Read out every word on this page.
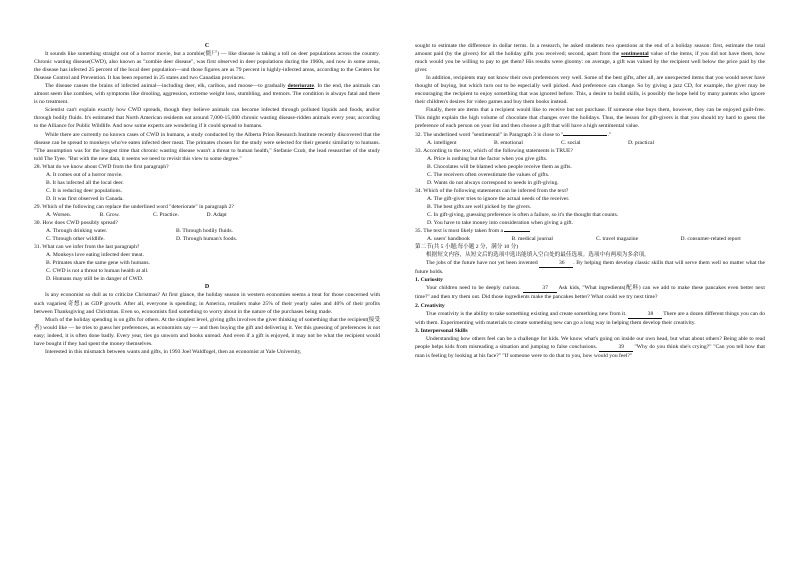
C

It sounds like something straight out of a horror movie, but a zombie(僵尸) — like disease is taking a toll on deer populations across the country. Chronic wasting disease(CWD), also known as "zombie deer disease", was first observed in deer populations during the 1960s, and now in some areas, the disease has infected 25 percent of the local deer population—and those figures are as 79 percent in highly-infected areas, according to the Centers for Disease Control and Prevention. It has been reported in 25 states and two Canadian provinces.

The disease causes the brains of infected animal—including deer, elk, caribou, and moose—to gradually deteriorate. In the end, the animals can almost seem like zombies, with symptoms like drooling, aggression, extreme weight loss, stumbling, and tremors. The condition is always fatal and there is no treatment.

Scientist can't explain exactly how CWD spreads, though they believe animals can become infected through polluted liquids and foods, and/or through bodily fluids. It's estimated that North American residents eat around 7,000-15,000 chronic wasting disease-ridden animals every year, according to the Alliance for Public Wildlife. And now some experts are wondering if it could spread to humans.

While there are currently no known cases of CWD in humans, a study conducted by the Alberta Prion Research Institute recently discovered that the disease can be spread to monkeys who've eaten infected deer meat. The primates chosen for the study were selected for their genetic similarity to humans. "The assumption was for the longest time that chronic wasting disease wasn't a threat to human health," Stefanie Czub, the lead researcher of the study told The Tyee. "But with the new data, it seems we need to revisit this view to some degree."

28. What do we know about CWD from the first paragraph?

A. It comes out of a horror movie.

B. It has infected all the local deer.

C. It is reducing deer populations.

D. It was first observed in Canada.

29. Which of the following can replace the underlined word "deteriorate" in paragraph 2?

A. Worsen.	B. Grow.	C. Practice.	D. Adapt

30. How does CWD possibly spread?

A. Through drinking water.	B. Through bodily fluids.
C. Through other wildlife.	D. Through human's foods.

31. What can we infer from the last paragraph?

A. Monkeys love eating infected deer meat.

B. Primates share the same gene with humans.

C. CWD is not a threat to human health at all.

D. Humans may still be in danger of CWD.

D

Is any economist so dull as to criticize Christmas? At first glance, the holiday season in western economies seems a treat for those concerned with such vagaries(奇想) as GDP growth. After all, everyone is spending; in America, retailers make 25% of their yearly sales and 40% of their profits between Thanksgiving and Christmas. Even so, economists find something to worry about in the nature of the purchases being made.

Much of the holiday spending is on gifts for others. At the simplest level, giving gifts involves the giver thinking of something that the recipient(接受者) would like — he tries to guess her preferences, as economists say — and then buying the gift and delivering it. Yet this guessing of preferences is not easy; indeed, it is often done badly. Every year, ties go unworn and books unread. And even if a gift is enjoyed, it may not be what the recipient would have bought if they had spent the money themselves.

Interested in this mismatch between wants and gifts, in 1993 Joel Waldfogel, then an economist at Yale University,

sought to estimate the difference in dollar terms. In a research, he asked students two questions at the end of a holiday season: first, estimate the total amount paid (by the givers) for all the holiday gifts you received; second, apart from the sentimental value of the items, if you did not have them, how much would you be willing to pay to get them? His results were gloomy: on average, a gift was valued by the recipient well below the price paid by the giver.

In addition, recipients may not know their own preferences very well. Some of the best gifts, after all, are unexpected items that you would never have thought of buying, but which turn out to be especially well picked. And preference can change. So by giving a jazz CD, for example, the giver may be encouraging the recipient to enjoy something that was ignored before. This, a desire to build skills, is possibly the hope held by many parents who ignore their children's desires for video games and buy them books instead.

Finally, there are items that a recipient would like to receive but not purchase. If someone else buys them, however, they can be enjoyed guilt-free. This might explain the high volume of chocolate that changes over the holidays. Thus, the lesson for gift-givers is that you should try hard to guess the preference of each person on your list and then choose a gift that will have a high sentimental value.

32. The underlined word "sentimental" in Paragraph 3 is close to "	."

A. intelligent	B. emotional	C. social	D. practical

33. According to the text, which of the following statements is TRUE?

A. Price is nothing but the factor when you give gifts.

B. Chocolates will be blamed when people receive them as gifts.

C. The receivers often overestimate the values of gifts.

D. Wants do not always correspond to needs in gift-giving.

34. Which of the following statements can be inferred from the text?

A. The gift-giver tries to ignore the actual needs of the receiver.

B. The best gifts are well picked by the givers.

C. In gift-giving, guessing preference is often a failure, so it's the thought that counts.

D. You have to take money into consideration when giving a gift.

35. The text is most likely taken from a

A. users' handbook	B. medical journal	C. travel magazine	D. consumer-related report

第二节(共 5 小题;每小题 2 分，满分 10 分)

根据短文内容，从短文后的选项中选出能填入空白处的最佳选项。选项中有两项为多余项。

The jobs of the future have not yet been invented	36 . By helping them develop classic skills that will serve them well no matter what the future holds.

1. Curiosity

Your children need to be deeply curious.	37 Ask kids, "What ingredients(配料) can we add to make these pancakes even better next time?" and then try them out. Did those ingredients make the pancakes better? What could we try next time?

2. Creativity

True creativity is the ability to take something existing and create something new from it.	38 There are a dozen different things you can do with them. Experimenting with materials to create something new can go a long way in helping them develop their creativity.

3. Interpersonal Skills

Understanding how others feel can be a challenge for kids. We know what's going on inside our own head, but what about others? Being able to read people helps kids from misreading a situation and jumping to false conclusions.	39 "Why do you think she's crying?" "Can you tell how that man is feeling by looking at his face?" "If someone were to do that to you, how would you feel?"
